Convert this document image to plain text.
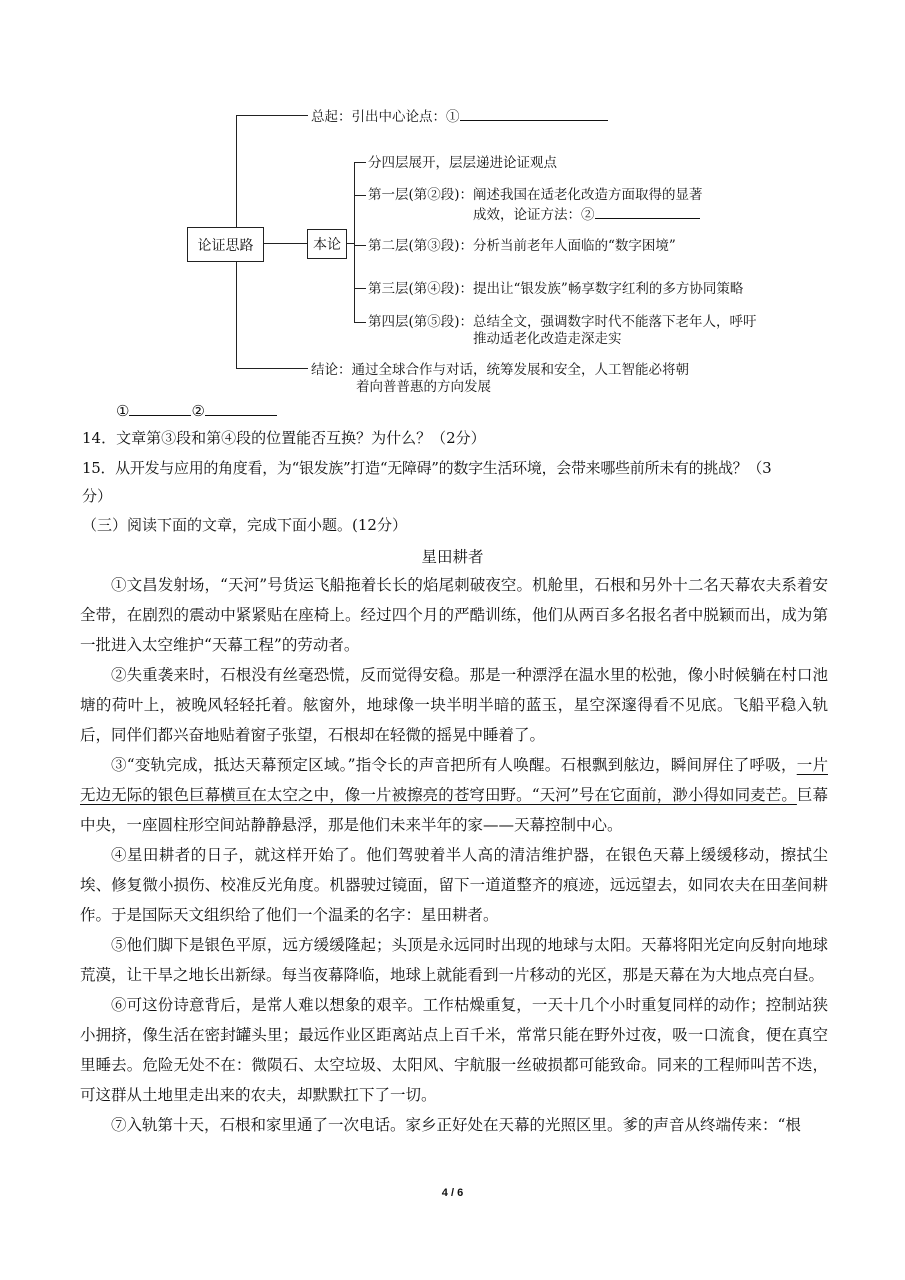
论证思路	本论
总起：引出中心论点：①
分四层展开，层层递进论证观点
第一层(第②段)：阐述我国在适老化改造方面取得的显著
成效，论证方法：②
第二层(第③段)：分析当前老年人面临的“数字困境”
第三层(第④段)：提出让“银发族”畅享数字红利的多方协同策略
第四层(第⑤段)：总结全文，强调数字时代不能落下老年人，呼吁
推动适老化改造走深走实
结论：通过全球合作与对话，统筹发展和安全，人工智能必将朝
着向普普惠的方向发展
①	②
14．文章第③段和第④段的位置能否互换？为什么？（2分）
15．从开发与应用的角度看，为“银发族”打造“无障碍”的数字生活环境，会带来哪些前所未有的挑战？（3
分）
（三）阅读下面的文章，完成下面小题。(12分）
星田耕者

①文昌发射场，“天河”号货运飞船拖着长长的焰尾刺破夜空。机舱里，石根和另外十二名天幕农夫系着安全带，在剧烈的震动中紧紧贴在座椅上。经过四个月的严酷训练，他们从两百多名报名者中脱颖而出，成为第一批进入太空维护“天幕工程”的劳动者。

②失重袭来时，石根没有丝毫恐慌，反而觉得安稳。那是一种漂浮在温水里的松弛，像小时候躺在村口池塘的荷叶上，被晚风轻轻托着。舷窗外，地球像一块半明半暗的蓝玉，星空深邃得看不见底。飞船平稳入轨后，同伴们都兴奋地贴着窗子张望，石根却在轻微的摇晃中睡着了。

③“变轨完成，抵达天幕预定区域。”指令长的声音把所有人唤醒。石根飘到舷边，瞬间屏住了呼吸，一片无边无际的银色巨幕横亘在太空之中，像一片被擦亮的苍穹田野。“天河”号在它面前，渺小得如同麦芒。巨幕中央，一座圆柱形空间站静静悬浮，那是他们未来半年的家——天幕控制中心。

④星田耕者的日子，就这样开始了。他们驾驶着半人高的清洁维护器，在银色天幕上缓缓移动，擦拭尘埃、修复微小损伤、校准反光角度。机器驶过镜面，留下一道道整齐的痕迹，远远望去，如同农夫在田垄间耕作。于是国际天文组织给了他们一个温柔的名字：星田耕者。

⑤他们脚下是银色平原，远方缓缓隆起；头顶是永远同时出现的地球与太阳。天幕将阳光定向反射向地球荒漠，让干旱之地长出新绿。每当夜幕降临，地球上就能看到一片移动的光区，那是天幕在为大地点亮白昼。

⑥可这份诗意背后，是常人难以想象的艰辛。工作枯燥重复，一天十几个小时重复同样的动作；控制站狭小拥挤，像生活在密封罐头里；最远作业区距离站点上百千米，常常只能在野外过夜，吸一口流食，便在真空里睡去。危险无处不在：微陨石、太空垃圾、太阳风、宇航服一丝破损都可能致命。同来的工程师叫苦不迭，可这群从土地里走出来的农夫，却默默扛下了一切。

⑦入轨第十天，石根和家里通了一次电话。家乡正好处在天幕的光照区里。爹的声音从终端传来：“根

4 / 6
